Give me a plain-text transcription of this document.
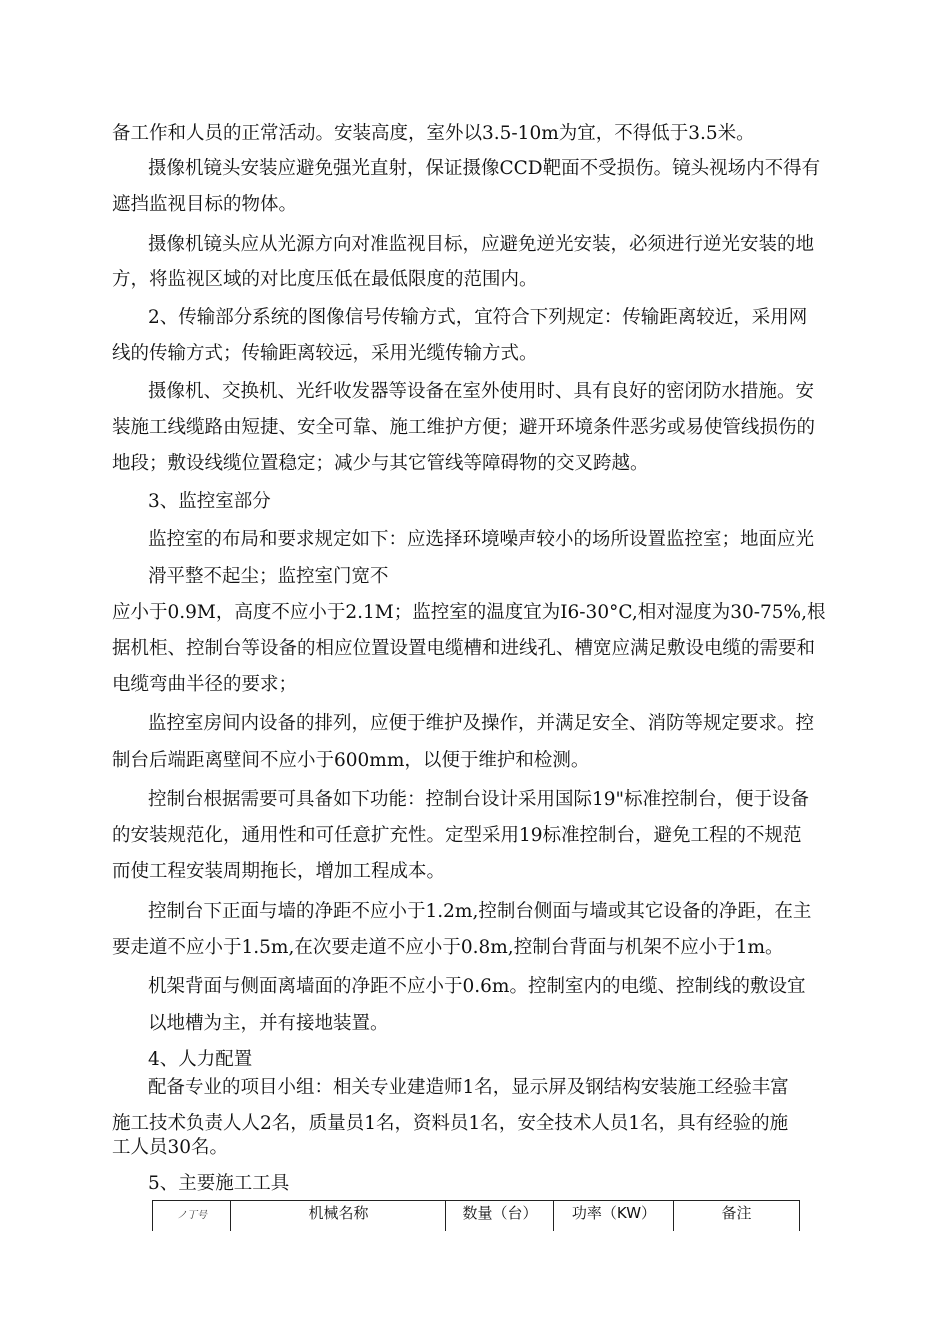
备工作和人员的正常活动。安装高度，室外以3.5-10m为宜，不得低于3.5米。
摄像机镜头安装应避免强光直射，保证摄像CCD靶面不受损伤。镜头视场内不得有
遮挡监视目标的物体。
摄像机镜头应从光源方向对准监视目标，应避免逆光安装，必须进行逆光安装的地
方，将监视区域的对比度压低在最低限度的范围内。
2、传输部分系统的图像信号传输方式，宜符合下列规定：传输距离较近，采用网
线的传输方式；传输距离较远，采用光缆传输方式。
摄像机、交换机、光纤收发器等设备在室外使用时、具有良好的密闭防水措施。安
装施工线缆路由短捷、安全可靠、施工维护方便；避开环境条件恶劣或易使管线损伤的
地段；敷设线缆位置稳定；减少与其它管线等障碍物的交叉跨越。
3、监控室部分
监控室的布局和要求规定如下：应选择环境噪声较小的场所设置监控室；地面应光
滑平整不起尘；监控室门宽不
应小于0.9M，高度不应小于2.1M；监控室的温度宜为I6-30°C,相对湿度为30-75%,根
据机柜、控制台等设备的相应位置设置电缆槽和进线孔、槽宽应满足敷设电缆的需要和
电缆弯曲半径的要求；
监控室房间内设备的排列，应便于维护及操作，并满足安全、消防等规定要求。控
制台后端距离壁间不应小于600mm，以便于维护和检测。
控制台根据需要可具备如下功能：控制台设计采用国际19"标准控制台，便于设备
的安装规范化，通用性和可任意扩充性。定型采用19标准控制台，避免工程的不规范
而使工程安装周期拖长，增加工程成本。
控制台下正面与墙的净距不应小于1.2m,控制台侧面与墙或其它设备的净距，在主
要走道不应小于1.5m,在次要走道不应小于0.8m,控制台背面与机架不应小于1m。
机架背面与侧面离墙面的净距不应小于0.6m。控制室内的电缆、控制线的敷设宜
以地槽为主，并有接地装置。
4、人力配置
配备专业的项目小组：相关专业建造师1名，显示屏及钢结构安装施工经验丰富
施工技术负责人人2名，质量员1名，资料员1名，安全技术人员1名，具有经验的施
工人员30名。
5、主要施工工具
ノ丁号	机械名称	数量（台）	功率（KW）	备注
